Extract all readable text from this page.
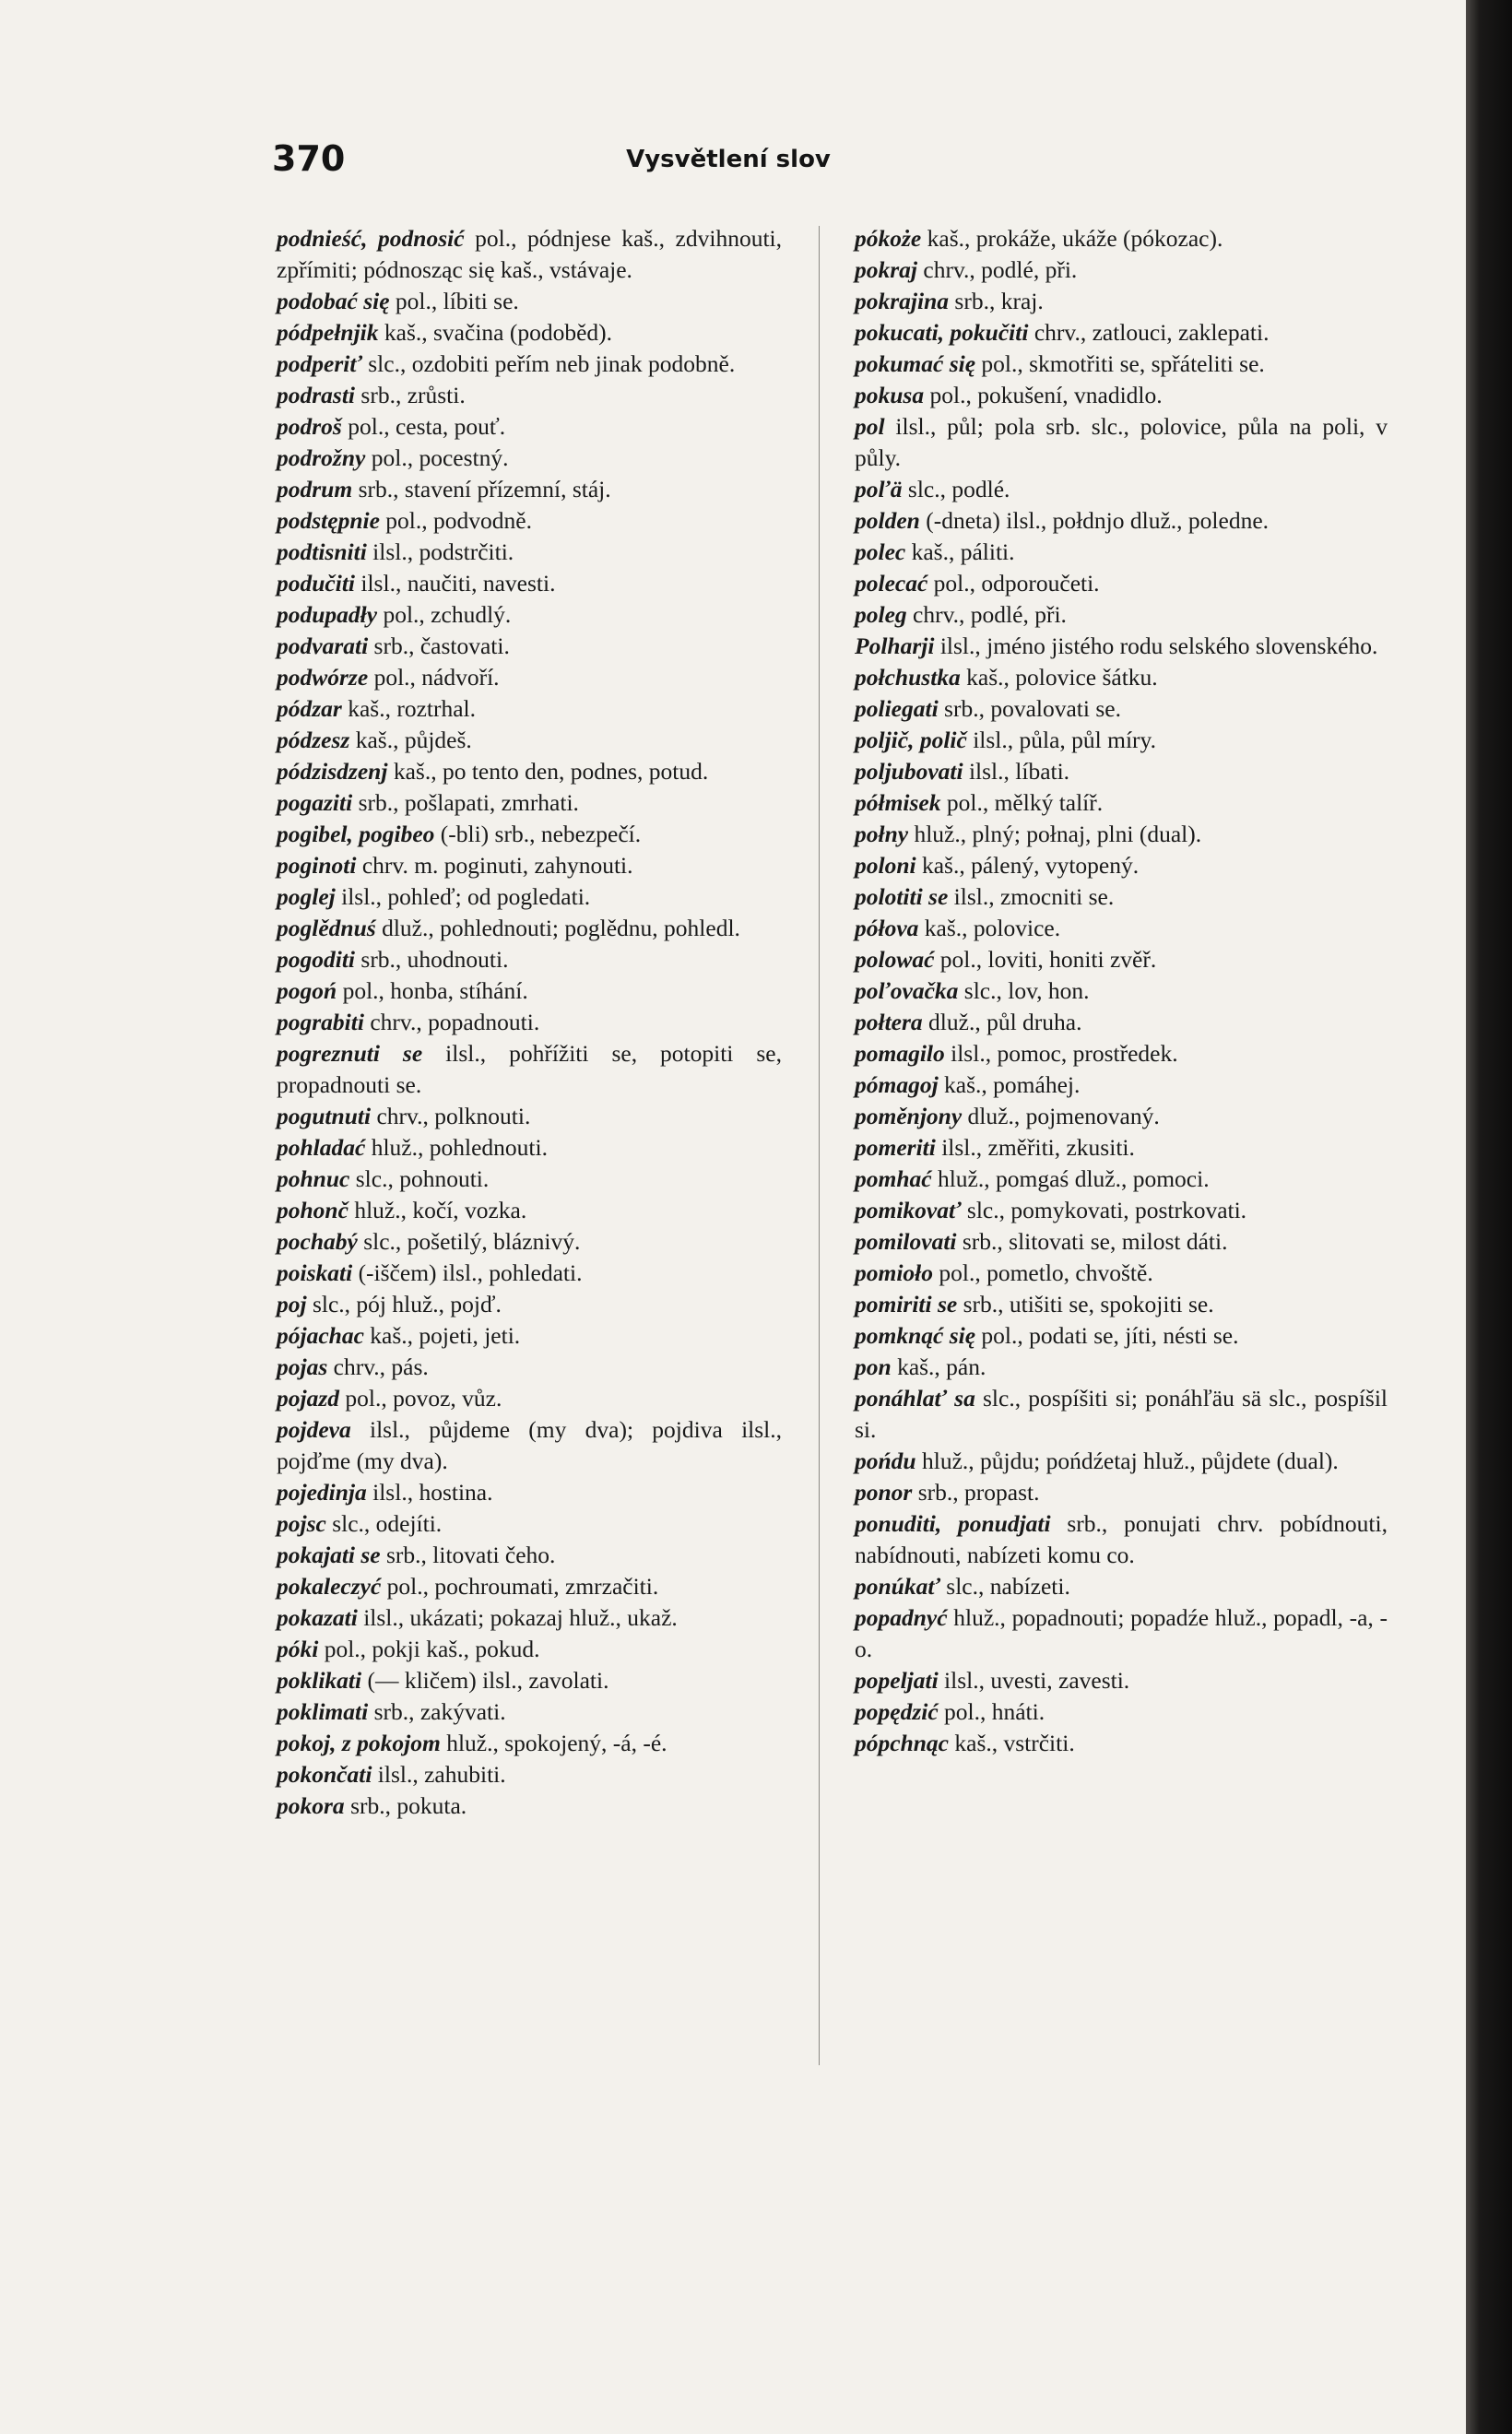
370	Vysvětlení slov
podnieść, podnosić pol., pódnjese kaš., zdvihnouti, zpřímiti; pódnosząc się kaš., vstávaje.
podobać się pol., líbiti se.
pódpełnjik kaš., svačina (podoběd).
podperiť slc., ozdobiti peřím neb jinak podobně.
podrasti srb., zrůsti.
podroš pol., cesta, pouť.
podrožny pol., pocestný.
podrum srb., stavení přízemní, stáj.
podstępnie pol., podvodně.
podtisniti ilsl., podstrčiti.
podučiti ilsl., naučiti, navesti.
podupadły pol., zchudlý.
podvarati srb., častovati.
podwórze pol., nádvoří.
pódzar kaš., roztrhal.
pódzesz kaš., půjdeš.
pódzisdzenj kaš., po tento den, podnes, potud.
pogaziti srb., pošlapati, zmrhati.
pogibel, pogibeo (-bli) srb., nebezpečí.
poginoti chrv. m. poginuti, zahynouti.
poglej ilsl., pohleď; od pogledati.
poglědnuś dluž., pohlednouti; poglědnu, pohledl.
pogoditi srb., uhodnouti.
pogoń pol., honba, stíhání.
pograbiti chrv., popadnouti.
pogreznuti se ilsl., pohřížiti se, potopiti se, propadnouti se.
pogutnuti chrv., polknouti.
pohladać hluž., pohlednouti.
pohnuc slc., pohnouti.
pohonč hluž., kočí, vozka.
pochabý slc., pošetilý, bláznivý.
poiskati (-iščem) ilsl., pohledati.
poj slc., pój hluž., pojď.
pójachac kaš., pojeti, jeti.
pojas chrv., pás.
pojazd pol., povoz, vůz.
pojdeva ilsl., půjdeme (my dva); pojdiva ilsl., pojďme (my dva).
pojedinja ilsl., hostina.
pojsc slc., odejíti.
pokajati se srb., litovati čeho.
pokaleczyć pol., pochroumati, zmrzačiti.
pokazati ilsl., ukázati; pokazaj hluž., ukaž.
póki pol., pokji kaš., pokud.
poklikati (— kličem) ilsl., zavolati.
poklimati srb., zakývati.
pokoj, z pokojom hluž., spokojený, -á, -é.
pokončati ilsl., zahubiti.
pokora srb., pokuta.
pókoże kaš., prokáže, ukáže (pókozac).
pokraj chrv., podlé, při.
pokrajina srb., kraj.
pokucati, pokučiti chrv., zatlouci, zaklepati.
pokumać się pol., skmotřiti se, spřáteliti se.
pokusa pol., pokušení, vnadidlo.
pol ilsl., půl; pola srb. slc., polovice, půla na poli, v půly.
poľä slc., podlé.
polden (-dneta) ilsl., połdnjo dluž., poledne.
polec kaš., páliti.
polecać pol., odporoučeti.
poleg chrv., podlé, při.
Polharji ilsl., jméno jistého rodu selského slovenského.
połchustka kaš., polovice šátku.
poliegati srb., povalovati se.
poljič, polič ilsl., půla, půl míry.
poljubovati ilsl., líbati.
półmisek pol., mělký talíř.
połny hluž., plný; połnaj, plni (dual).
poloni kaš., pálený, vytopený.
polotiti se ilsl., zmocniti se.
półova kaš., polovice.
polować pol., loviti, honiti zvěř.
poľovačka slc., lov, hon.
połtera dluž., půl druha.
pomagilo ilsl., pomoc, prostředek.
pómagoj kaš., pomáhej.
poměnjony dluž., pojmenovaný.
pomeriti ilsl., změřiti, zkusiti.
pomhać hluž., pomgaś dluž., pomoci.
pomikovať slc., pomykovati, postrkovati.
pomilovati srb., slitovati se, milost dáti.
pomioło pol., pometlo, chvoště.
pomiriti se srb., utišiti se, spokojiti se.
pomknąć się pol., podati se, jíti, nésti se.
pon kaš., pán.
ponáhlať sa slc., pospíšiti si; ponáhľäu sä slc., pospíšil si.
pońdu hluž., půjdu; pońdźetaj hluž., půjdete (dual).
ponor srb., propast.
ponuditi, ponudjati srb., ponujati chrv. pobídnouti, nabídnouti, nabízeti komu co.
ponúkať slc., nabízeti.
popadnyć hluž., popadnouti; popadźe hluž., popadl, -a, -o.
popeljati ilsl., uvesti, zavesti.
popędzić pol., hnáti.
pópchnąc kaš., vstrčiti.
